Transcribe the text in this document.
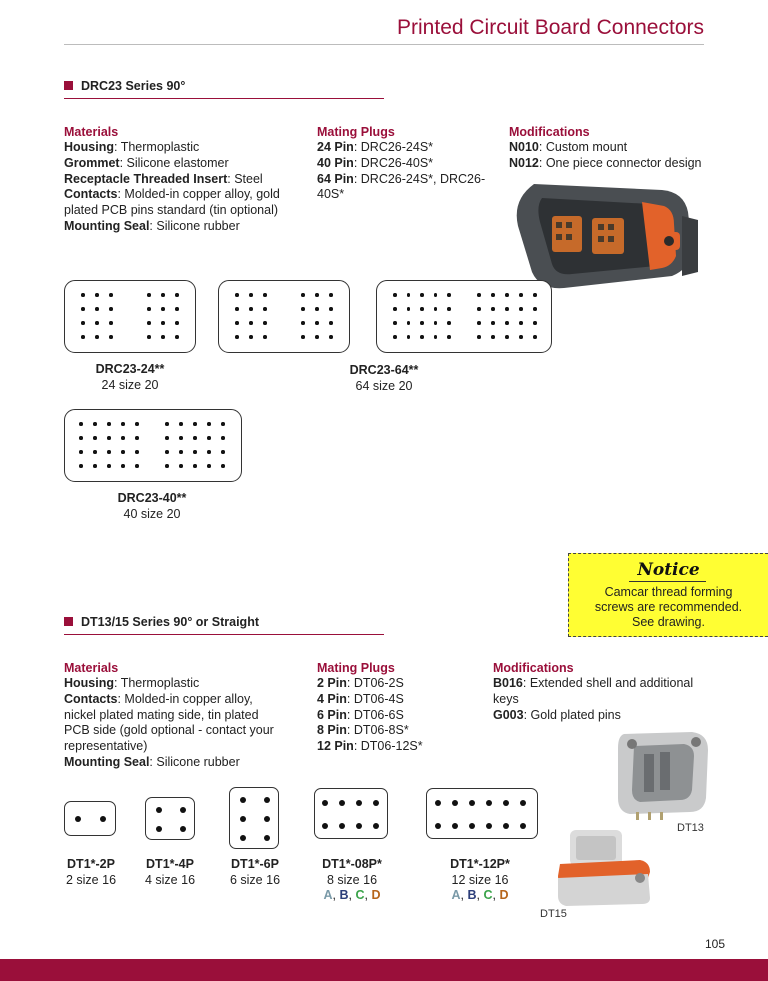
Printed Circuit Board Connectors
DRC23 Series 90°
Materials

Housing: Thermoplastic
Grommet: Silicone elastomer
Receptacle Threaded Insert: Steel
Contacts: Molded-in copper alloy, gold plated PCB pins standard (tin optional)
Mounting Seal: Silicone rubber

Mating Plugs

24 Pin: DRC26-24S*
40 Pin: DRC26-40S*
64 Pin: DRC26-24S*, DRC26-40S*

Modifications

N010: Custom mount
N012: One piece connector design

DRC23-24**
24 size 20
DRC23-64**
64 size 20
DRC23-40**
40 size 20
Notice
Camcar thread forming
screws are recommended.
See drawing.
DT13/15 Series 90° or Straight
Materials

Housing: Thermoplastic
Contacts: Molded-in copper alloy, nickel plated mating side, tin plated PCB side (gold optional - contact your representative)
Mounting Seal: Silicone rubber

Mating Plugs

2 Pin: DT06-2S
4 Pin: DT06-4S
6 Pin: DT06-6S
8 Pin: DT06-8S*
12 Pin: DT06-12S*

Modifications

B016: Extended shell and additional keys
G003: Gold plated pins

DT13
DT15
DT1*-2P
2 size 16
DT1*-4P
4 size 16
DT1*-6P
6 size 16
DT1*-08P*
8 size 16
A, B, C, D
DT1*-12P*
12 size 16
A, B, C, D
105
